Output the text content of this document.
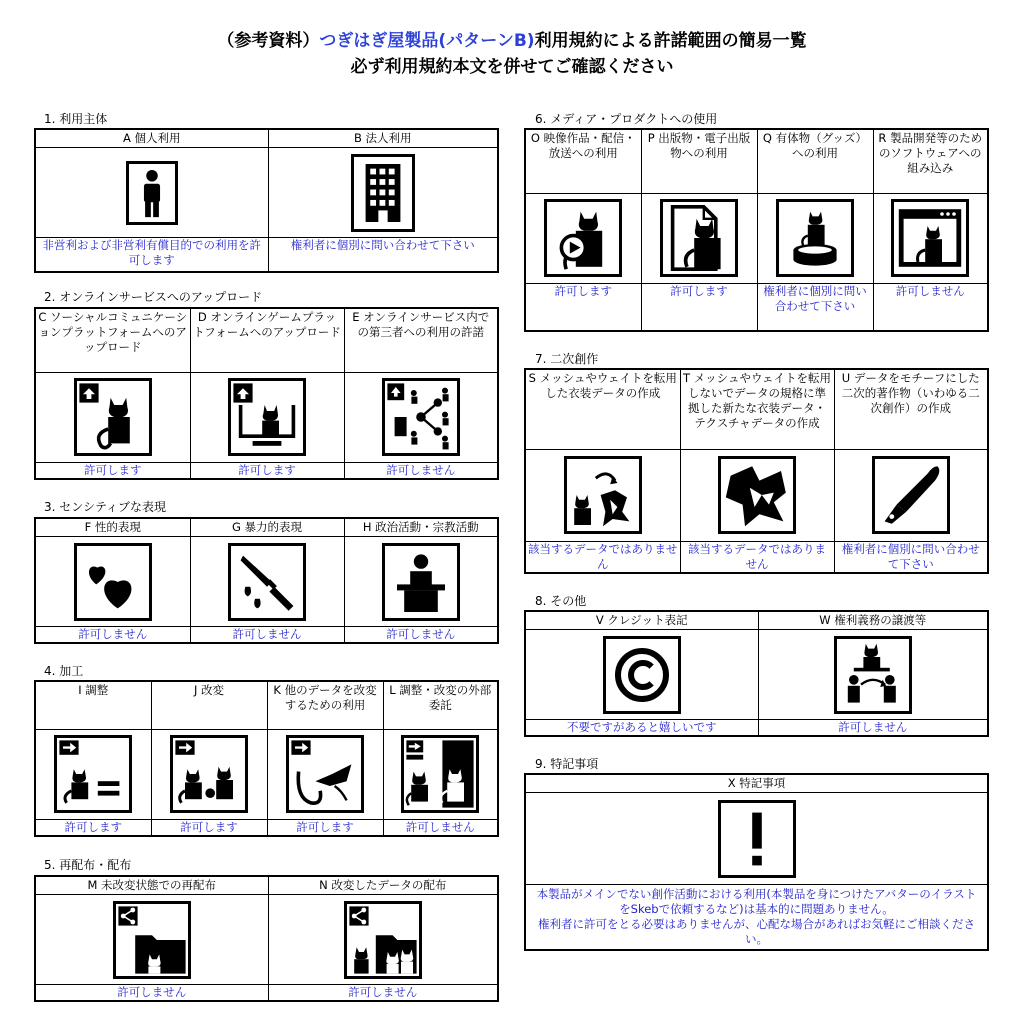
（参考資料）つぎはぎ屋製品(パターンB)利用規約による許諾範囲の簡易一覧
必ず利用規約本文を併せてご確認ください
1. 利用主体
A 個人利用	B 法人利用

非営利および非営利有償目的での利用を許可します	権利者に個別に問い合わせて下さい
2. オンラインサービスへのアップロード
C ソーシャルコミュニケーションプラットフォームへのアップロード	D オンラインゲームプラットフォームへのアップロード	E オンラインサービス内での第三者への利用の許諾

許可します	許可します	許可しません
3. センシティブな表現
F 性的表現	G 暴力的表現	H 政治活動・宗教活動

許可しません	許可しません	許可しません
4. 加工
I 調整	J 改変	K 他のデータを改変するための利用	L 調整・改変の外部委託

許可します	許可します	許可します	許可しません
5. 再配布・配布
M 未改変状態での再配布	N 改変したデータの配布

許可しません	許可しません
6. メディア・プロダクトへの使用
O 映像作品・配信・放送への利用	P 出版物・電子出版物への利用	Q 有体物（グッズ）への利用	R 製品開発等のためのソフトウェアへの組み込み

許可します	許可します	権利者に個別に問い合わせて下さい	許可しません
7. 二次創作
S メッシュやウェイトを転用した衣装データの作成	T メッシュやウェイトを転用しないでデータの規格に準拠した新たな衣装データ・テクスチャデータの作成	U データをモチーフにした二次的著作物（いわゆる二次創作）の作成

該当するデータではありません	該当するデータではありません	権利者に個別に問い合わせて下さい
8. その他
V クレジット表記	W 権利義務の譲渡等

不要ですがあると嬉しいです	許可しません
9. 特記事項
X 特記事項

本製品がメインでない創作活動における利用(本製品を身につけたアバターのイラストをSkebで依頼するなど)は基本的に問題ありません。
権利者に許可をとる必要はありませんが、心配な場合があればお気軽にご相談ください。
